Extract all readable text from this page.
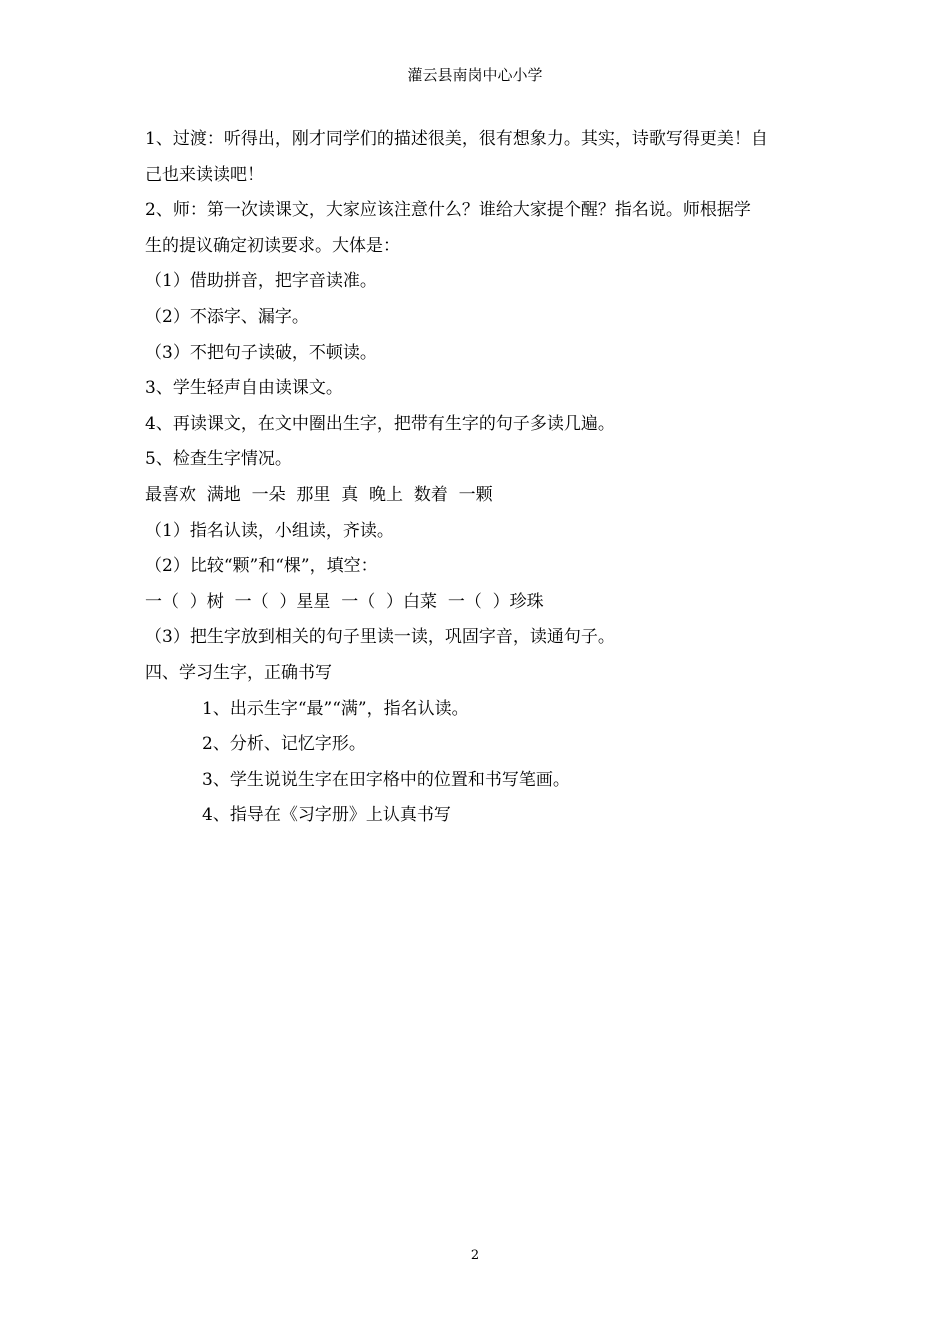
灌云县南岗中心小学

1、过渡：听得出，刚才同学们的描述很美，很有想象力。其实，诗歌写得更美！自

己也来读读吧！

2、师：第一次读课文，大家应该注意什么？谁给大家提个醒？指名说。师根据学

生的提议确定初读要求。大体是：

（1）借助拼音，把字音读准。

（2）不添字、漏字。

（3）不把句子读破，不顿读。

3、学生轻声自由读课文。

4、再读课文，在文中圈出生字，把带有生字的句子多读几遍。

5、检查生字情况。

最喜欢  满地  一朵  那里  真  晚上  数着  一颗

（1）指名认读，小组读，齐读。

（2）比较“颗”和“棵”，填空：

一（  ）树  一（  ）星星  一（  ）白菜  一（  ）珍珠

（3）把生字放到相关的句子里读一读，巩固字音，读通句子。

四、学习生字，正确书写

1、出示生字“最”“满”，指名认读。

2、分析、记忆字形。

3、学生说说生字在田字格中的位置和书写笔画。

4、指导在《习字册》上认真书写

2
